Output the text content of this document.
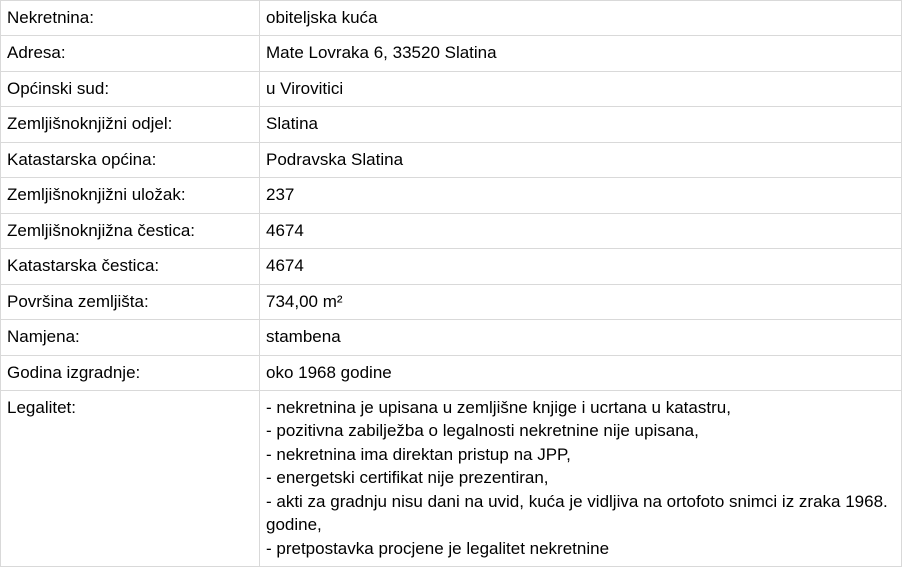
Nekretnina:	obiteljska kuća
Adresa:	Mate Lovraka 6, 33520 Slatina
Općinski sud:	u Virovitici
Zemljišnoknjižni odjel:	Slatina
Katastarska općina:	Podravska Slatina
Zemljišnoknjižni uložak:	237
Zemljišnoknjižna čestica:	4674
Katastarska čestica:	4674
Površina zemljišta:	734,00 m²
Namjena:	stambena
Godina izgradnje:	oko 1968 godine
Legalitet:	- nekretnina je upisana u zemljišne knjige i ucrtana u katastru,
- pozitivna zabilježba o legalnosti nekretnine nije upisana,
- nekretnina ima direktan pristup na JPP,
- energetski certifikat nije prezentiran,
- akti za gradnju nisu dani na uvid, kuća je vidljiva na ortofoto snimci iz zraka 1968. godine,
- pretpostavka procjene je legalitet nekretnine
